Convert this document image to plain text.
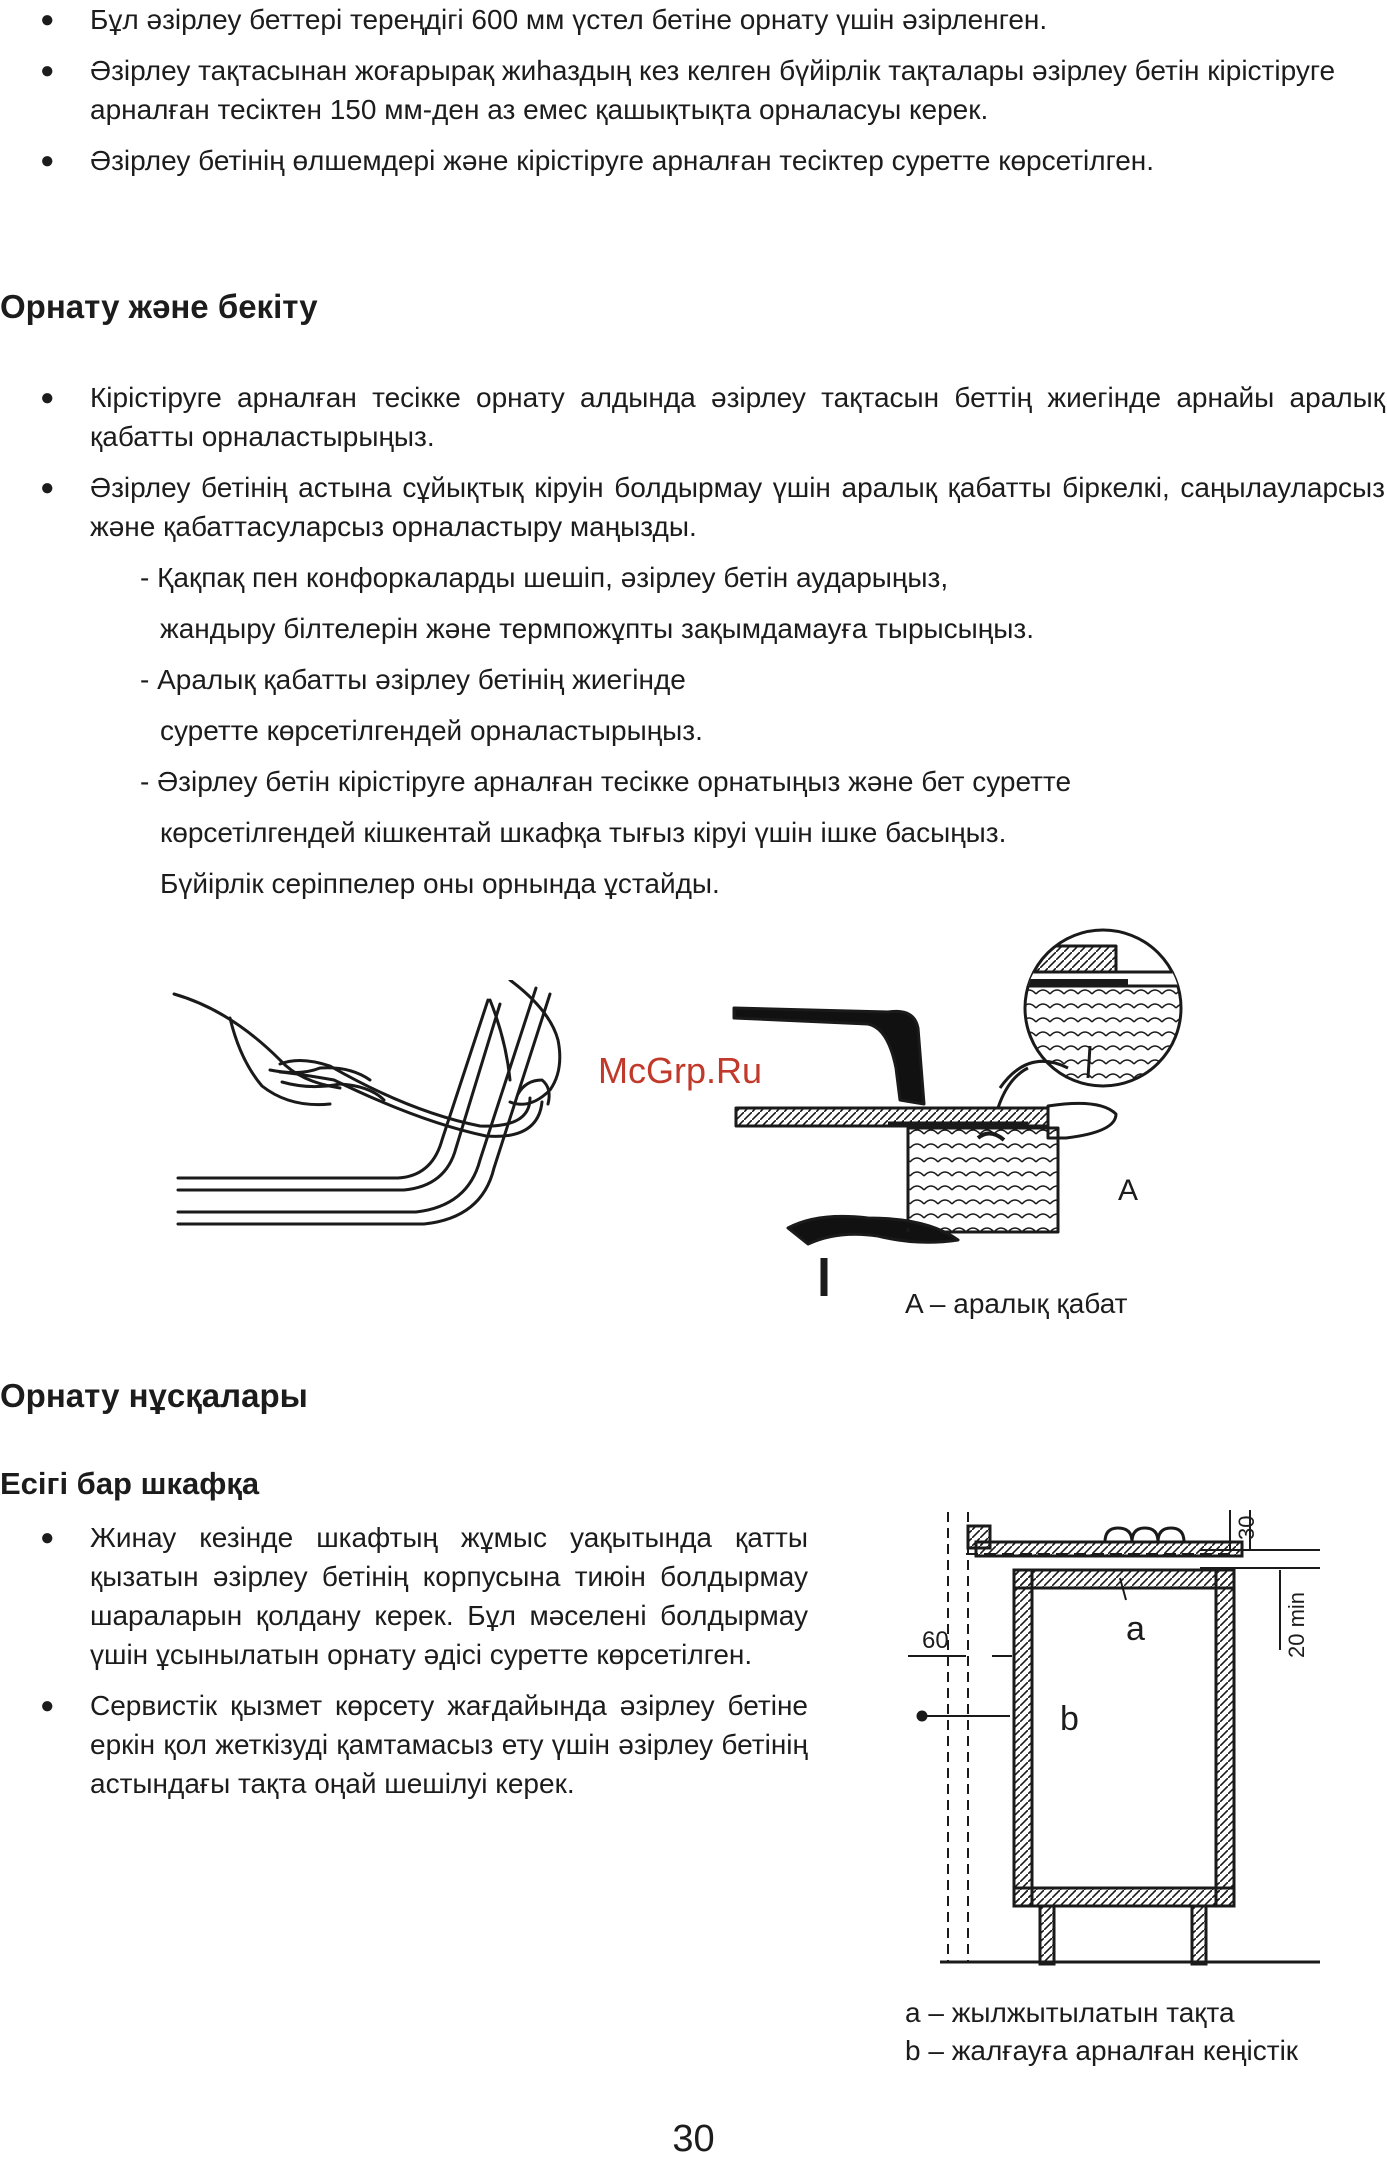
● Бұл әзірлеу беттері тереңдігі 600 мм үстел бетіне орнату үшін әзірленген.
● Әзірлеу тақтасынан жоғарырақ жиһаздың кез келген бүйірлік тақталары әзірлеу бетін кірістіруге арналған тесіктен 150 мм-ден аз емес қашықтықта орналасуы керек.
● Әзірлеу бетінің өлшемдері және кірістіруге арналған тесіктер суретте көрсетілген.
Орнату және бекіту
● Кірістіруге арналған тесікке орнату алдында әзірлеу тақтасын беттің жиегінде арнайы аралық қабатты орналастырыңыз.
● Әзірлеу бетінің астына сұйықтық кіруін болдырмау үшін аралық қабатты біркелкі, саңылауларсыз және қабаттасуларсыз орналастыру маңызды.
- Қақпақ пен конфоркаларды шешіп, әзірлеу бетін аударыңыз,
жандыру білтелерін және термпожұпты зақымдамауға тырысыңыз.
- Аралық қабатты әзірлеу бетінің жиегінде
суретте көрсетілгендей орналастырыңыз.
- Әзірлеу бетін кірістіруге арналған тесікке орнатыңыз және бет суретте
көрсетілгендей кішкентай шкафқа тығыз кіруі үшін ішке басыңыз.
Бүйірлік серіппелер оны орнында ұстайды.
A
McGrp.Ru
A – аралық қабат
Орнату нұсқалары
Есігі бар шкафқа
● Жинау кезінде шкафтың жұмыс уақытында қатты қызатын әзірлеу бетінің корпусына тиюін болдырмау шараларын қолдану керек. Бұл мәселені болдырмау үшін ұсынылатын орнату әдісі суретте көрсетілген.
● Сервистік қызмет көрсету жағдайында әзірлеу бетіне еркін қол жеткізуді қамтамасыз ету үшін әзірлеу бетінің астындағы тақта оңай шешілуі керек.
60	a
b
30
20 min
a – жылжытылатын тақта
b – жалғауға арналған кеңістік
30
